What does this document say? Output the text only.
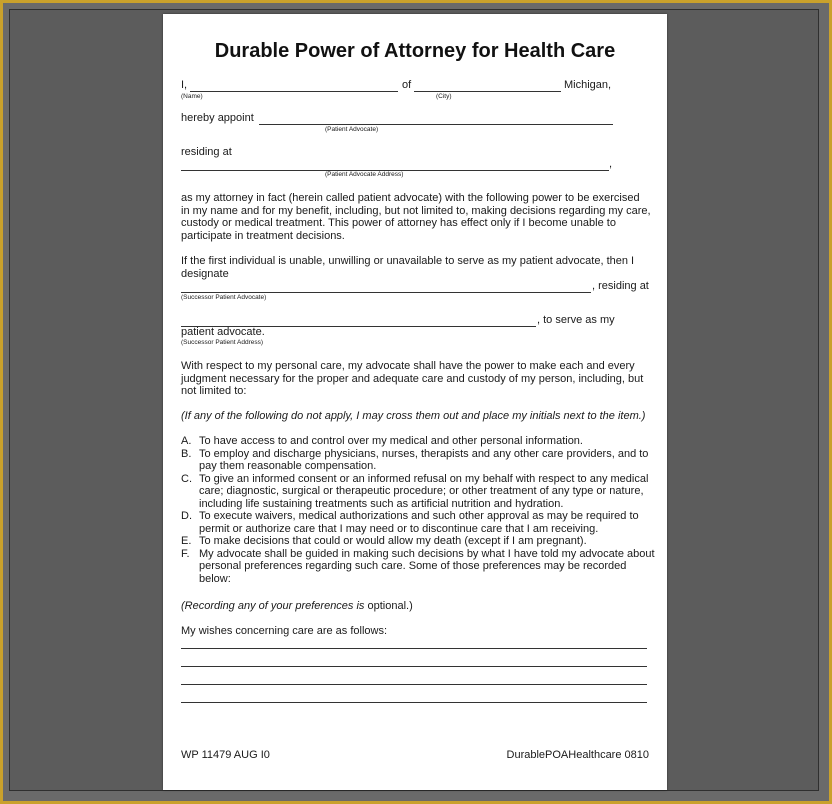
Durable Power of Attorney for Health Care
I,	of	Michigan,
(Name)	(City)
hereby appoint
(Patient Advocate)
residing at
,
(Patient Advocate Address)

as my attorney in fact (herein called patient advocate) with the following power to be exercised in my name and for my benefit, including, but not limited to, making decisions regarding my care, custody or medical treatment. This power of attorney has effect only if I become unable to participate in treatment decisions.

If the first individual is unable, unwilling or unavailable to serve as my patient advocate, then I designate

, residing at
(Successor Patient Advocate)
, to serve as my
patient advocate.
(Successor Patient Address)

With respect to my personal care, my advocate shall have the power to make each and every judgment necessary for the proper and adequate care and custody of my person, including, but not limited to:

(If any of the following do not apply, I may cross them out and place my initials next to the item.)

A. To have access to and control over my medical and other personal information.
B. To employ and discharge physicians, nurses, therapists and any other care providers, and to pay them reasonable compensation.
C. To give an informed consent or an informed refusal on my behalf with respect to any medical care; diagnostic, surgical or therapeutic procedure; or other treatment of any type or nature, including life sustaining treatments such as artificial nutrition and hydration.
D. To execute waivers, medical authorizations and such other approval as may be required to permit or authorize care that I may need or to discontinue care that I am receiving.
E. To make decisions that could or would allow my death (except if I am pregnant).
F. My advocate shall be guided in making such decisions by what I have told my advocate about personal preferences regarding such care. Some of those preferences may be recorded below:
(Recording any of your preferences is optional.)
My wishes concerning care are as follows:
WP 11479 AUG I0	DurablePOAHealthcare 0810
